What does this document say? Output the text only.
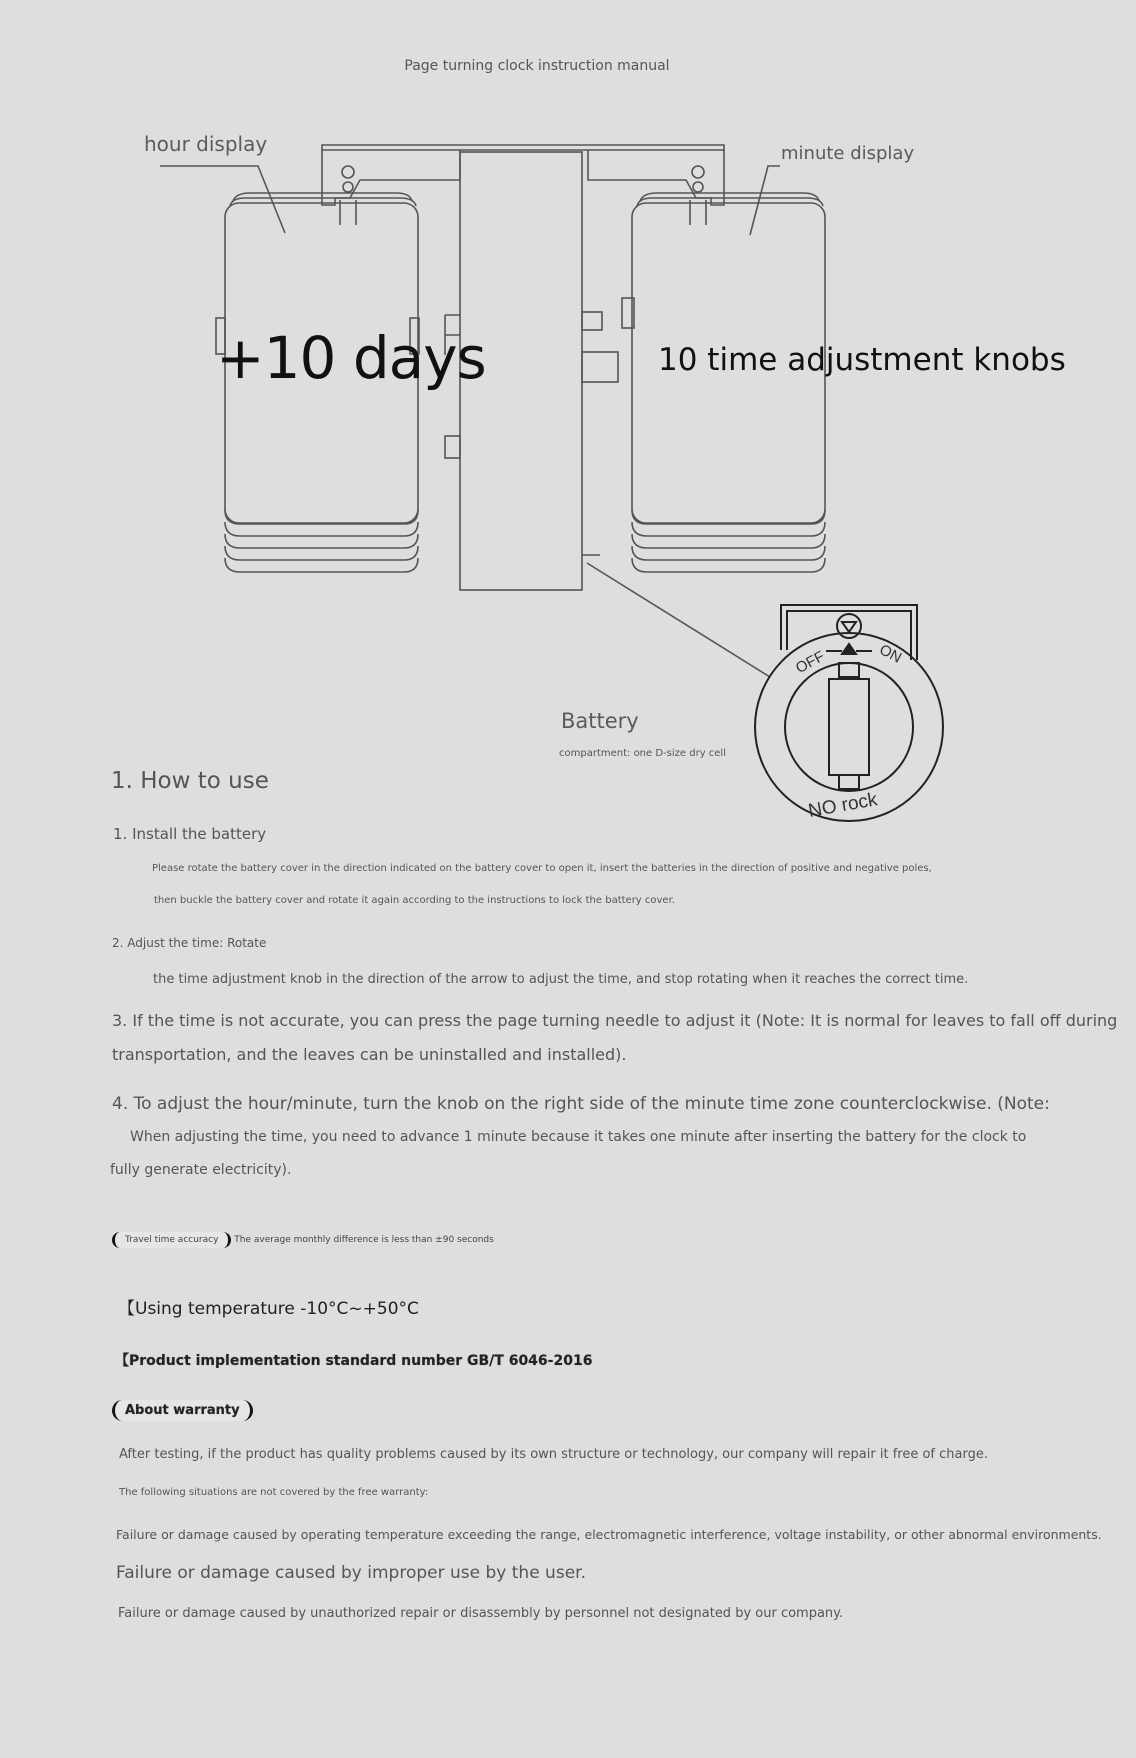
OFF	ON
NO rock
Page turning clock instruction manual
hour display	minute display
+10 days	10 time adjustment knobs
Battery
compartment: one D-size dry cell
1. How to use
1. Install the battery
Please rotate the battery cover in the direction indicated on the battery cover to open it, insert the batteries in the direction of positive and negative poles,
then buckle the battery cover and rotate it again according to the instructions to lock the battery cover.
2. Adjust the time: Rotate
the time adjustment knob in the direction of the arrow to adjust the time, and stop rotating when it reaches the correct time.
3. If the time is not accurate, you can press the page turning needle to adjust it (Note: It is normal for leaves to fall off during
transportation, and the leaves can be uninstalled and installed).
4. To adjust the hour/minute, turn the knob on the right side of the minute time zone counterclockwise. (Note:
When adjusting the time, you need to advance 1 minute because it takes one minute after inserting the battery for the clock to
fully generate electricity).
Travel time accuracy The average monthly difference is less than ±90 seconds
【Using temperature -10°C~+50°C
【Product implementation standard number GB/T 6046-2016
About warranty
After testing, if the product has quality problems caused by its own structure or technology, our company will repair it free of charge.
The following situations are not covered by the free warranty:
Failure or damage caused by operating temperature exceeding the range, electromagnetic interference, voltage instability, or other abnormal environments.
Failure or damage caused by improper use by the user.
Failure or damage caused by unauthorized repair or disassembly by personnel not designated by our company.
